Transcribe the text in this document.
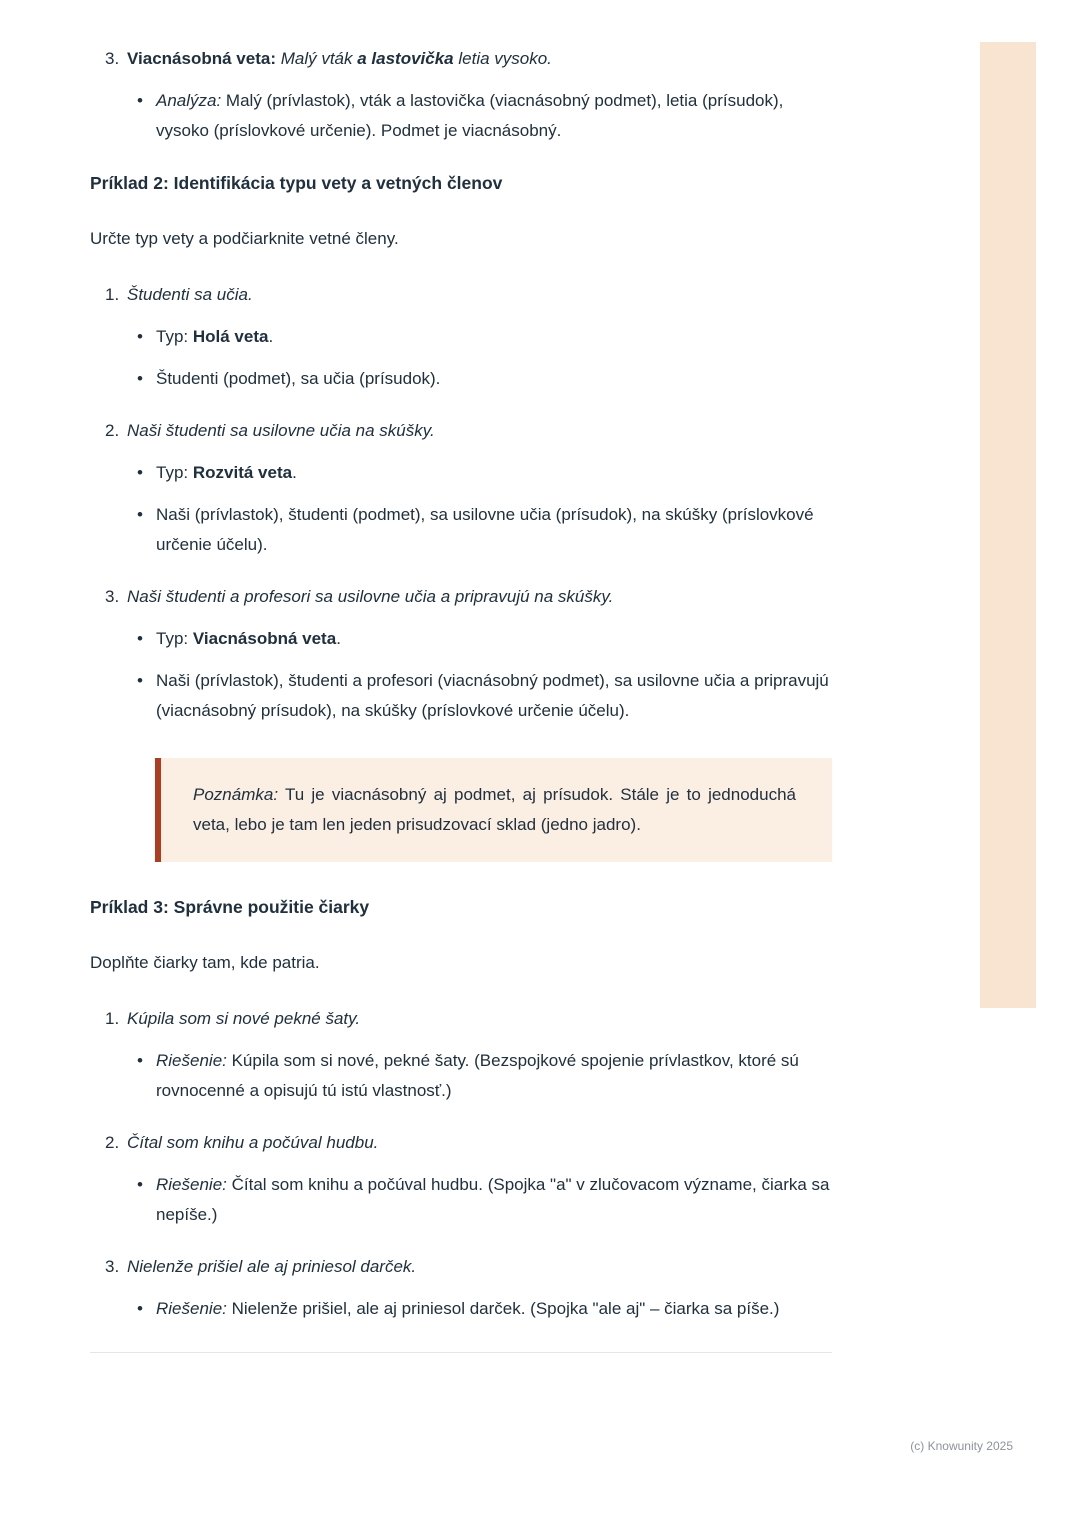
3. Viacnásobná veta: Malý vták a lastovička letia vysoko.
• Analýza: Malý (prívlastok), vták a lastovička (viacnásobný podmet), letia (prísudok), vysoko (príslovkové určenie). Podmet je viacnásobný.
Príklad 2: Identifikácia typu vety a vetných členov

Určte typ vety a podčiarknite vetné členy.

1. Študenti sa učia.
• Typ: Holá veta.
• Študenti (podmet), sa učia (prísudok).
2. Naši študenti sa usilovne učia na skúšky.
• Typ: Rozvitá veta.
• Naši (prívlastok), študenti (podmet), sa usilovne učia (prísudok), na skúšky (príslovkové určenie účelu).
3. Naši študenti a profesori sa usilovne učia a pripravujú na skúšky.
• Typ: Viacnásobná veta.
• Naši (prívlastok), študenti a profesori (viacnásobný podmet), sa usilovne učia a pripravujú (viacnásobný prísudok), na skúšky (príslovkové určenie účelu).
Poznámka: Tu je viacnásobný aj podmet, aj prísudok. Stále je to jednoduchá veta, lebo je tam len jeden prisudzovací sklad (jedno jadro).
Príklad 3: Správne použitie čiarky

Doplňte čiarky tam, kde patria.

1. Kúpila som si nové pekné šaty.
• Riešenie: Kúpila som si nové, pekné šaty. (Bezspojkové spojenie prívlastkov, ktoré sú rovnocenné a opisujú tú istú vlastnosť.)
2. Čítal som knihu a počúval hudbu.
• Riešenie: Čítal som knihu a počúval hudbu. (Spojka "a" v zlučovacom význame, čiarka sa nepíše.)
3. Nielenže prišiel ale aj priniesol darček.
• Riešenie: Nielenže prišiel, ale aj priniesol darček. (Spojka "ale aj" – čiarka sa píše.)
(c) Knowunity 2025
